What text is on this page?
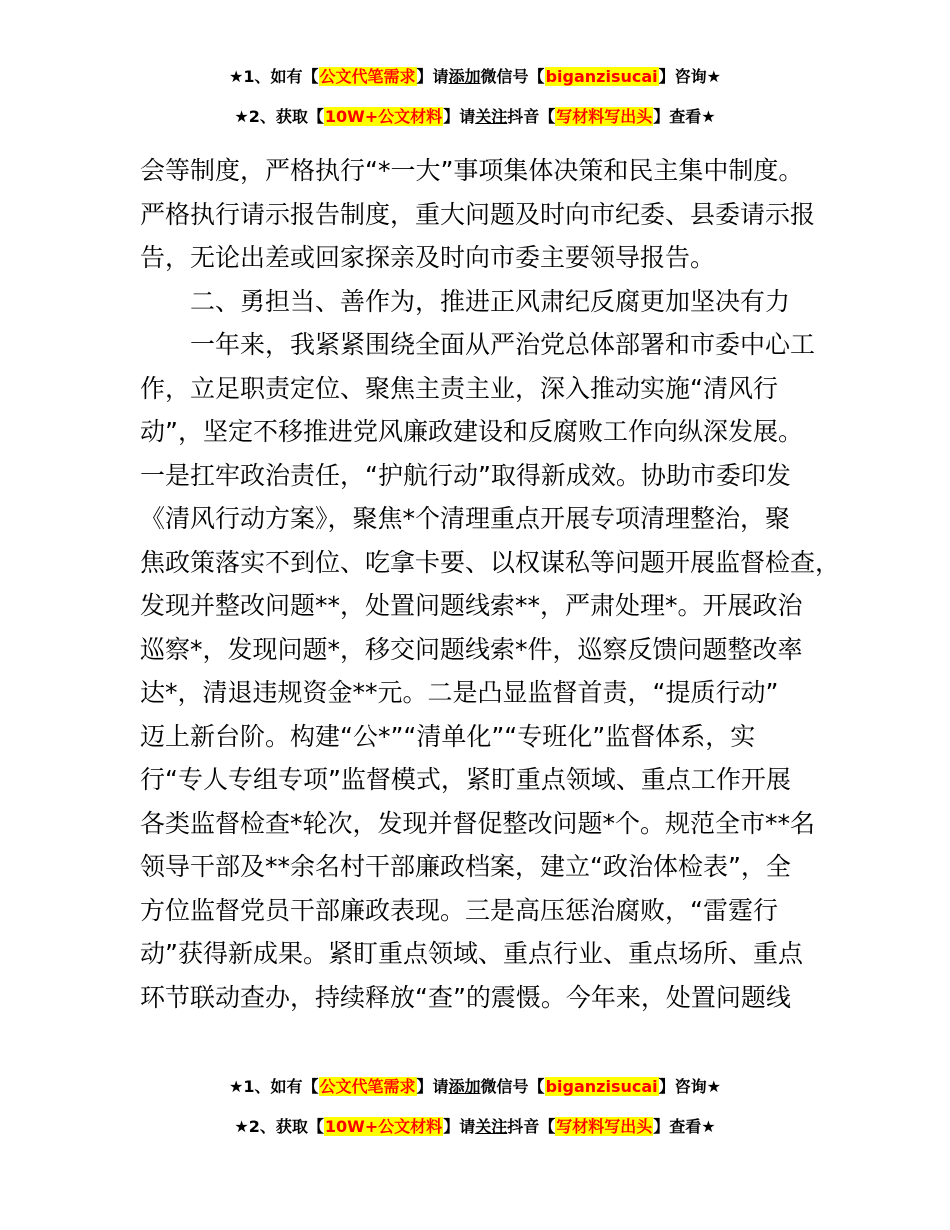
★1、如有【公文代笔需求】请添加微信号【biganzisucai】咨询★
★2、获取【10W+公文材料】请关注抖音【写材料写出头】查看★

会等制度，严格执行“*一大”事项集体决策和民主集中制度。

严格执行请示报告制度，重大问题及时向市纪委、县委请示报

告，无论出差或回家探亲及时向市委主要领导报告。

二、勇担当、善作为，推进正风肃纪反腐更加坚决有力

一年来，我紧紧围绕全面从严治党总体部署和市委中心工

作，立足职责定位、聚焦主责主业，深入推动实施“清风行

动”，坚定不移推进党风廉政建设和反腐败工作向纵深发展。

一是扛牢政治责任，“护航行动”取得新成效。协助市委印发

《清风行动方案》，聚焦*个清理重点开展专项清理整治，聚

焦政策落实不到位、吃拿卡要、以权谋私等问题开展监督检查，

发现并整改问题**，处置问题线索**，严肃处理*。开展政治

巡察*，发现问题*，移交问题线索*件，巡察反馈问题整改率

达*，清退违规资金**元。二是凸显监督首责，“提质行动”

迈上新台阶。构建“公*”“清单化”“专班化”监督体系，实

行“专人专组专项”监督模式，紧盯重点领域、重点工作开展

各类监督检查*轮次，发现并督促整改问题*个。规范全市**名

领导干部及**余名村干部廉政档案，建立“政治体检表”，全

方位监督党员干部廉政表现。三是高压惩治腐败，“雷霆行

动”获得新成果。紧盯重点领域、重点行业、重点场所、重点

环节联动查办，持续释放“查”的震慑。今年来，处置问题线

★1、如有【公文代笔需求】请添加微信号【biganzisucai】咨询★
★2、获取【10W+公文材料】请关注抖音【写材料写出头】查看★
